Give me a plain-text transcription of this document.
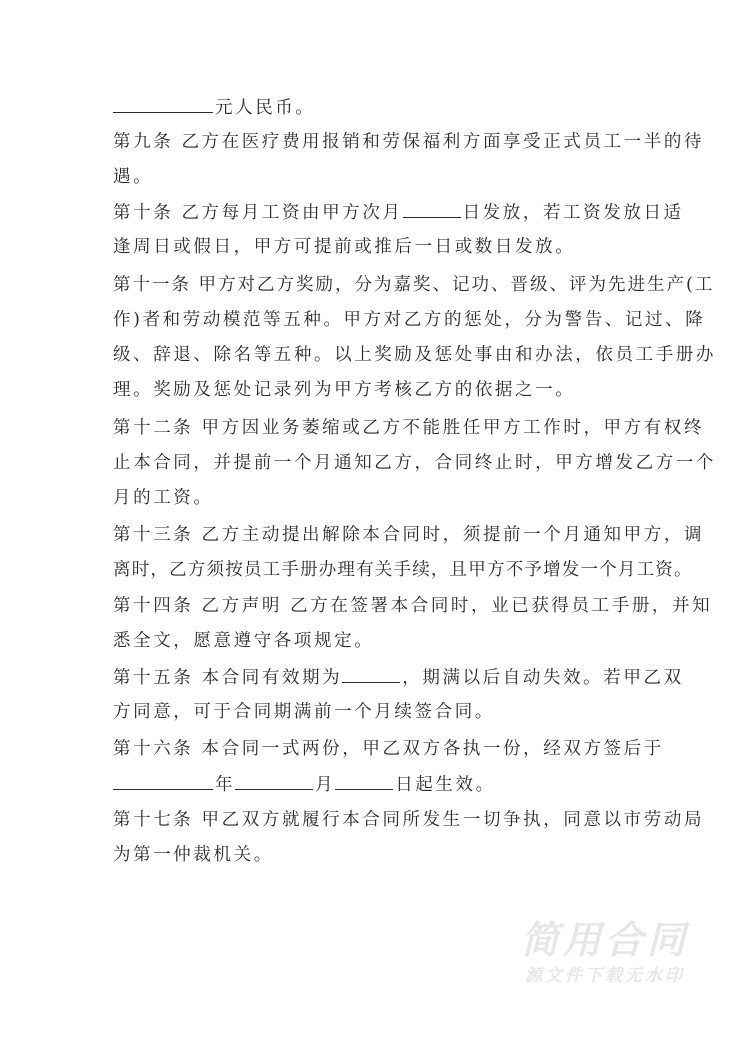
元人民币。
第九条 乙方在医疗费用报销和劳保福利方面享受正式员工一半的待
遇。
第十条 乙方每月工资由甲方次月	日发放，若工资发放日适
逢周日或假日，甲方可提前或推后一日或数日发放。
第十一条 甲方对乙方奖励，分为嘉奖、记功、晋级、评为先进生产(工
作)者和劳动模范等五种。甲方对乙方的惩处，分为警告、记过、降
级、辞退、除名等五种。以上奖励及惩处事由和办法，依员工手册办
理。奖励及惩处记录列为甲方考核乙方的依据之一。
第十二条 甲方因业务萎缩或乙方不能胜任甲方工作时，甲方有权终
止本合同，并提前一个月通知乙方，合同终止时，甲方增发乙方一个
月的工资。
第十三条 乙方主动提出解除本合同时，须提前一个月通知甲方，调
离时，乙方须按员工手册办理有关手续，且甲方不予增发一个月工资。
第十四条 乙方声明 乙方在签署本合同时，业已获得员工手册，并知
悉全文，愿意遵守各项规定。
第十五条 本合同有效期为	，期满以后自动失效。若甲乙双
方同意，可于合同期满前一个月续签合同。
第十六条 本合同一式两份，甲乙双方各执一份，经双方签后于
年	月	日起生效。
第十七条 甲乙双方就履行本合同所发生一切争执，同意以市劳动局
为第一仲裁机关。
简用合同
源文件下载无水印
